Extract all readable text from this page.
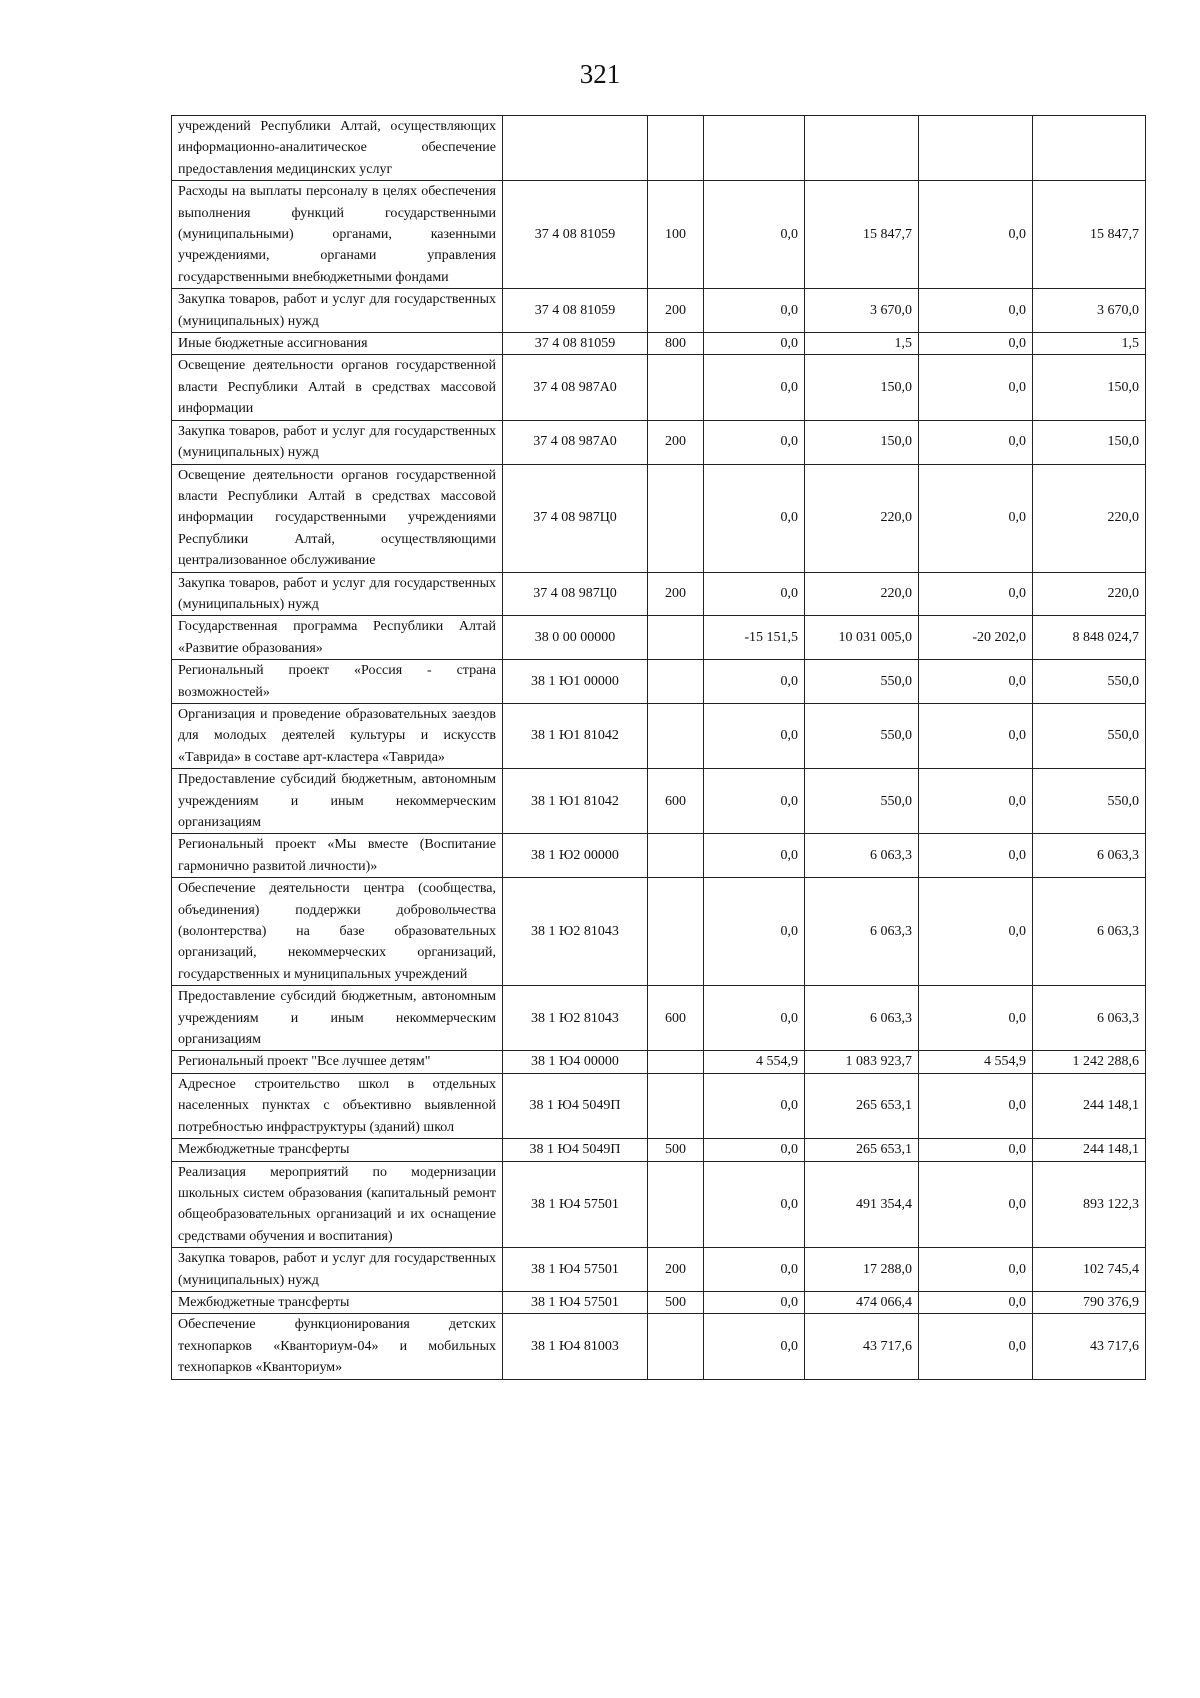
321
учреждений Республики Алтай, осуществляющих информационно-аналитическое обеспечение предоставления медицинских услуг						
Расходы на выплаты персоналу в целях обеспечения выполнения функций государственными (муниципальными) органами, казенными учреждениями, органами управления государственными внебюджетными фондами	37 4 08 81059	100	0,0	15 847,7	0,0	15 847,7
Закупка товаров, работ и услуг для государственных (муниципальных) нужд	37 4 08 81059	200	0,0	3 670,0	0,0	3 670,0
Иные бюджетные ассигнования	37 4 08 81059	800	0,0	1,5	0,0	1,5
Освещение деятельности органов государственной власти Республики Алтай в средствах массовой информации	37 4 08 987А0		0,0	150,0	0,0	150,0
Закупка товаров, работ и услуг для государственных (муниципальных) нужд	37 4 08 987А0	200	0,0	150,0	0,0	150,0
Освещение деятельности органов государственной власти Республики Алтай в средствах массовой информации государственными учреждениями Республики Алтай, осуществляющими централизованное обслуживание	37 4 08 987Ц0		0,0	220,0	0,0	220,0
Закупка товаров, работ и услуг для государственных (муниципальных) нужд	37 4 08 987Ц0	200	0,0	220,0	0,0	220,0
Государственная программа Республики Алтай «Развитие образования»	38 0 00 00000		-15 151,5	10 031 005,0	-20 202,0	8 848 024,7
Региональный проект «Россия - страна возможностей»	38 1 Ю1 00000		0,0	550,0	0,0	550,0
Организация и проведение образовательных заездов для молодых деятелей культуры и искусств «Таврида» в составе арт-кластера «Таврида»	38 1 Ю1 81042		0,0	550,0	0,0	550,0
Предоставление субсидий бюджетным, автономным учреждениям и иным некоммерческим организациям	38 1 Ю1 81042	600	0,0	550,0	0,0	550,0
Региональный проект «Мы вместе (Воспитание гармонично развитой личности)»	38 1 Ю2 00000		0,0	6 063,3	0,0	6 063,3
Обеспечение деятельности центра (сообщества, объединения) поддержки добровольчества (волонтерства) на базе образовательных организаций, некоммерческих организаций, государственных и муниципальных учреждений	38 1 Ю2 81043		0,0	6 063,3	0,0	6 063,3
Предоставление субсидий бюджетным, автономным учреждениям и иным некоммерческим организациям	38 1 Ю2 81043	600	0,0	6 063,3	0,0	6 063,3
Региональный проект "Все лучшее детям"	38 1 Ю4 00000		4 554,9	1 083 923,7	4 554,9	1 242 288,6
Адресное строительство школ в отдельных населенных пунктах с объективно выявленной потребностью инфраструктуры (зданий) школ	38 1 Ю4 5049П		0,0	265 653,1	0,0	244 148,1
Межбюджетные трансферты	38 1 Ю4 5049П	500	0,0	265 653,1	0,0	244 148,1
Реализация мероприятий по модернизации школьных систем образования (капитальный ремонт общеобразовательных организаций и их оснащение средствами обучения и воспитания)	38 1 Ю4 57501		0,0	491 354,4	0,0	893 122,3
Закупка товаров, работ и услуг для государственных (муниципальных) нужд	38 1 Ю4 57501	200	0,0	17 288,0	0,0	102 745,4
Межбюджетные трансферты	38 1 Ю4 57501	500	0,0	474 066,4	0,0	790 376,9
Обеспечение функционирования детских технопарков «Кванториум-04» и мобильных технопарков «Кванториум»	38 1 Ю4 81003		0,0	43 717,6	0,0	43 717,6
